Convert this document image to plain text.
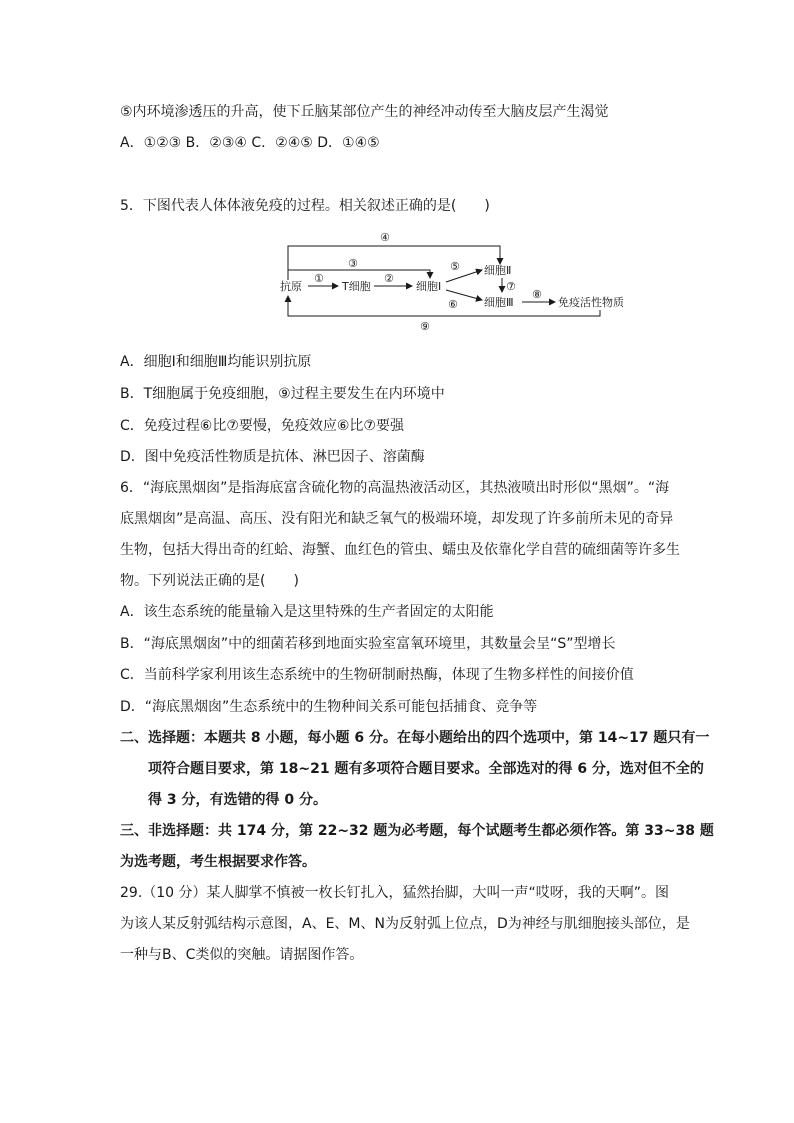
⑤内环境渗透压的升高，使下丘脑某部位产生的神经冲动传至大脑皮层产生渴觉
A．①②③ B．②③④ C．②④⑤ D．①④⑤
5．下图代表人体体液免疫的过程。相关叙述正确的是(　　)
抗原	T细胞	细胞Ⅰ
细胞Ⅱ
细胞Ⅲ	免疫活性物质
④
③
①	②
⑤
⑦
⑥
⑧
⑨
A．细胞Ⅰ和细胞Ⅲ均能识别抗原
B．T细胞属于免疫细胞，⑨过程主要发生在内环境中
C．免疫过程⑥比⑦要慢，免疫效应⑥比⑦要强
D．图中免疫活性物质是抗体、淋巴因子、溶菌酶
6．“海底黑烟囱”是指海底富含硫化物的高温热液活动区，其热液喷出时形似“黑烟”。“海
底黑烟囱”是高温、高压、没有阳光和缺乏氧气的极端环境，却发现了许多前所未见的奇异
生物，包括大得出奇的红蛤、海蟹、血红色的管虫、蠕虫及依靠化学自营的硫细菌等许多生
物。下列说法正确的是(　　)
A．该生态系统的能量输入是这里特殊的生产者固定的太阳能
B．“海底黑烟囱”中的细菌若移到地面实验室富氧环境里，其数量会呈“S”型增长
C．当前科学家利用该生态系统中的生物研制耐热酶，体现了生物多样性的间接价值
D．“海底黑烟囱”生态系统中的生物种间关系可能包括捕食、竞争等
二、选择题：本题共 8 小题，每小题 6 分。在每小题给出的四个选项中，第 14~17 题只有一
项符合题目要求，第 18~21 题有多项符合题目要求。全部选对的得 6 分，选对但不全的
得 3 分，有选错的得 0 分。
三、非选择题：共 174 分，第 22~32 题为必考题，每个试题考生都必须作答。第 33~38 题
为选考题，考生根据要求作答。
29.（10 分）某人脚掌不慎被一枚长钉扎入，猛然抬脚，大叫一声“哎呀，我的天啊”。图
为该人某反射弧结构示意图，A、E、M、N为反射弧上位点，D为神经与肌细胞接头部位，是
一种与B、C类似的突触。请据图作答。
